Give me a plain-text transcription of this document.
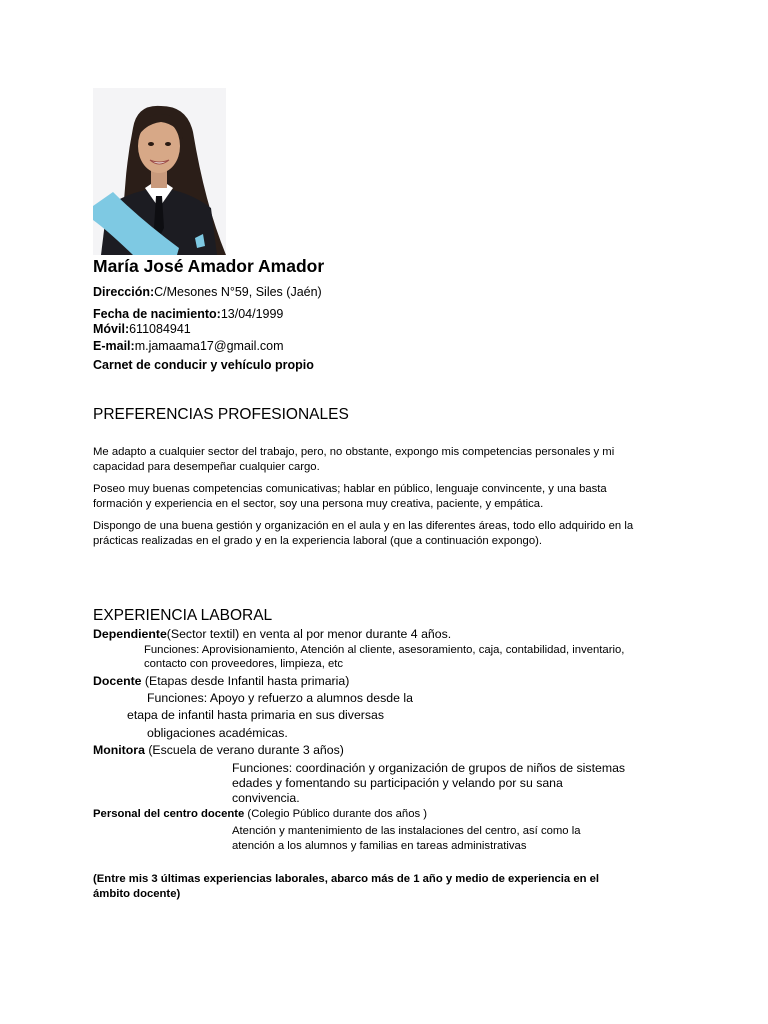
María José Amador Amador
Dirección:C/Mesones N°59, Siles (Jaén)
Fecha de nacimiento:13/04/1999
Móvil:611084941
E-mail:m.jamaama17@gmail.com
Carnet de conducir y vehículo propio
PREFERENCIAS PROFESIONALES
Me adapto a cualquier sector del trabajo, pero, no obstante, expongo mis competencias personales y mi capacidad para desempeñar cualquier cargo.
Poseo muy buenas competencias comunicativas; hablar en público, lenguaje convincente, y una basta formación y experiencia en el sector, soy una persona muy creativa, paciente, y empática.
Dispongo de una buena gestión y organización en el aula y en las diferentes áreas, todo ello adquirido en la prácticas realizadas en el grado y en la experiencia laboral (que a continuación expongo).
EXPERIENCIA LABORAL
Dependiente(Sector textil) en venta al por menor durante 4 años.
Funciones: Aprovisionamiento, Atención al cliente, asesoramiento, caja, contabilidad, inventario,
contacto con proveedores, limpieza, etc
Docente (Etapas desde Infantil hasta primaria)
Funciones: Apoyo y refuerzo a alumnos desde la
etapa de infantil hasta primaria en sus diversas
obligaciones académicas.
Monitora (Escuela de verano durante 3 años)
Funciones: coordinación y organización de grupos de niños de sistemas
edades y fomentando su participación y velando por su sana
convivencia.
Personal del centro docente (Colegio Público durante dos años )
Atención y mantenimiento de las instalaciones del centro, así como la
atención a los alumnos y familias en tareas administrativas
(Entre mis 3 últimas experiencias laborales, abarco más de 1 año y medio de experiencia en el ámbito docente)
